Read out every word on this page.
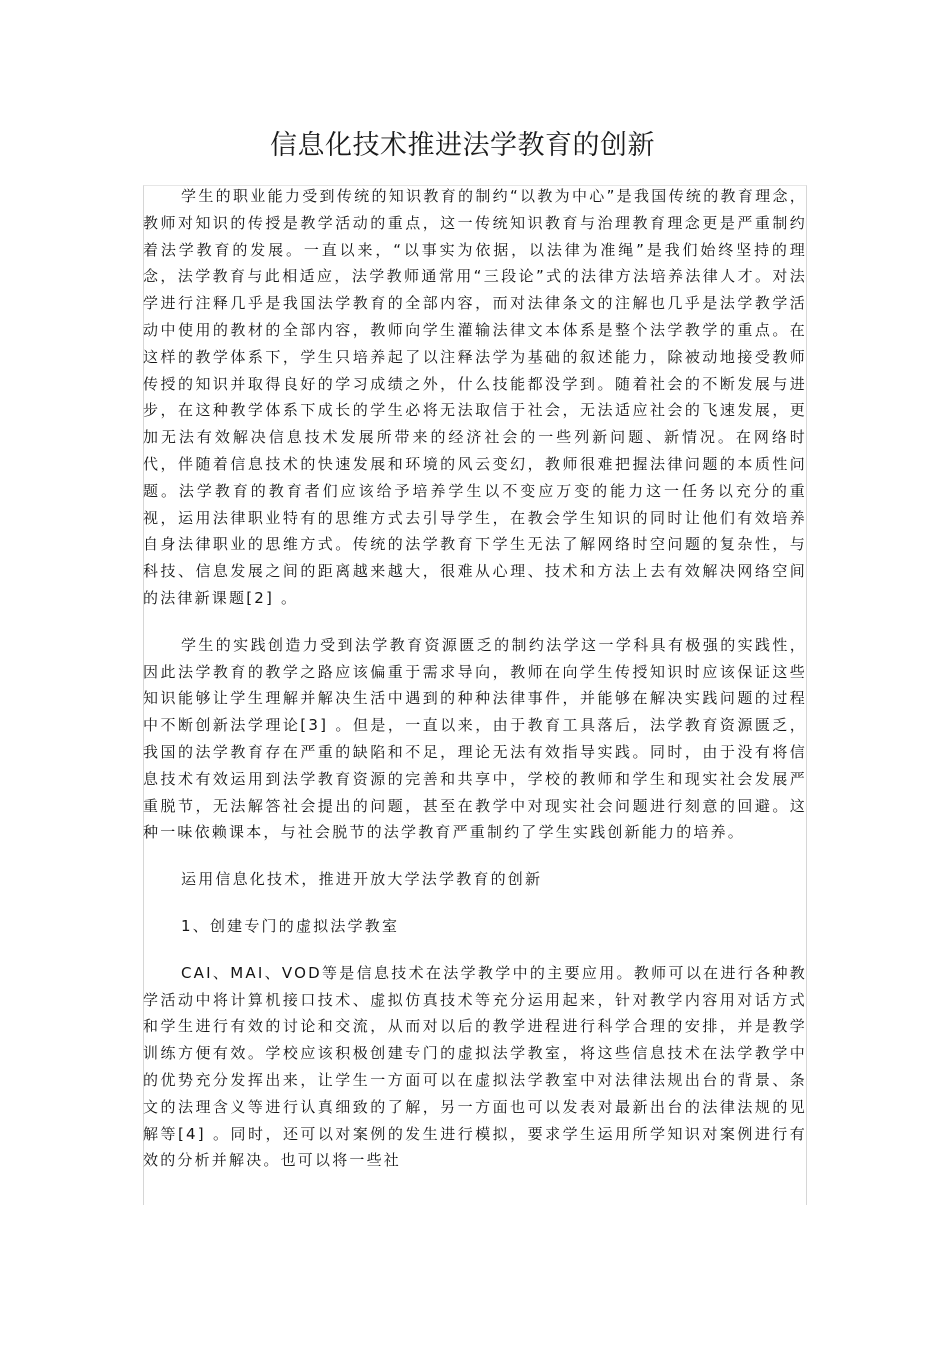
信息化技术推进法学教育的创新

学生的职业能力受到传统的知识教育的制约“以教为中心”是我国传统的教育理念，教师对知识的传授是教学活动的重点，这一传统知识教育与治理教育理念更是严重制约着法学教育的发展。一直以来，“以事实为依据，以法律为准绳”是我们始终坚持的理念，法学教育与此相适应，法学教师通常用“三段论”式的法律方法培养法律人才。对法学进行注释几乎是我国法学教育的全部内容，而对法律条文的注解也几乎是法学教学活动中使用的教材的全部内容，教师向学生灌输法律文本体系是整个法学教学的重点。在这样的教学体系下，学生只培养起了以注释法学为基础的叙述能力，除被动地接受教师传授的知识并取得良好的学习成绩之外，什么技能都没学到。随着社会的不断发展与进步，在这种教学体系下成长的学生必将无法取信于社会，无法适应社会的飞速发展，更加无法有效解决信息技术发展所带来的经济社会的一些列新问题、新情况。在网络时代，伴随着信息技术的快速发展和环境的风云变幻，教师很难把握法律问题的本质性问题。法学教育的教育者们应该给予培养学生以不变应万变的能力这一任务以充分的重视，运用法律职业特有的思维方式去引导学生，在教会学生知识的同时让他们有效培养自身法律职业的思维方式。传统的法学教育下学生无法了解网络时空问题的复杂性，与科技、信息发展之间的距离越来越大，很难从心理、技术和方法上去有效解决网络空间的法律新课题[2] 。

学生的实践创造力受到法学教育资源匮乏的制约法学这一学科具有极强的实践性，因此法学教育的教学之路应该偏重于需求导向，教师在向学生传授知识时应该保证这些知识能够让学生理解并解决生活中遇到的种种法律事件，并能够在解决实践问题的过程中不断创新法学理论[3] 。但是，一直以来，由于教育工具落后，法学教育资源匮乏，我国的法学教育存在严重的缺陷和不足，理论无法有效指导实践。同时，由于没有将信息技术有效运用到法学教育资源的完善和共享中，学校的教师和学生和现实社会发展严重脱节，无法解答社会提出的问题，甚至在教学中对现实社会问题进行刻意的回避。这种一味依赖课本，与社会脱节的法学教育严重制约了学生实践创新能力的培养。

运用信息化技术，推进开放大学法学教育的创新

1、创建专门的虚拟法学教室

CAI、MAI、VOD等是信息技术在法学教学中的主要应用。教师可以在进行各种教学活动中将计算机接口技术、虚拟仿真技术等充分运用起来，针对教学内容用对话方式和学生进行有效的讨论和交流，从而对以后的教学进程进行科学合理的安排，并是教学训练方便有效。学校应该积极创建专门的虚拟法学教室，将这些信息技术在法学教学中的优势充分发挥出来，让学生一方面可以在虚拟法学教室中对法律法规出台的背景、条文的法理含义等进行认真细致的了解，另一方面也可以发表对最新出台的法律法规的见解等[4] 。同时，还可以对案例的发生进行模拟，要求学生运用所学知识对案例进行有效的分析并解决。也可以将一些社
